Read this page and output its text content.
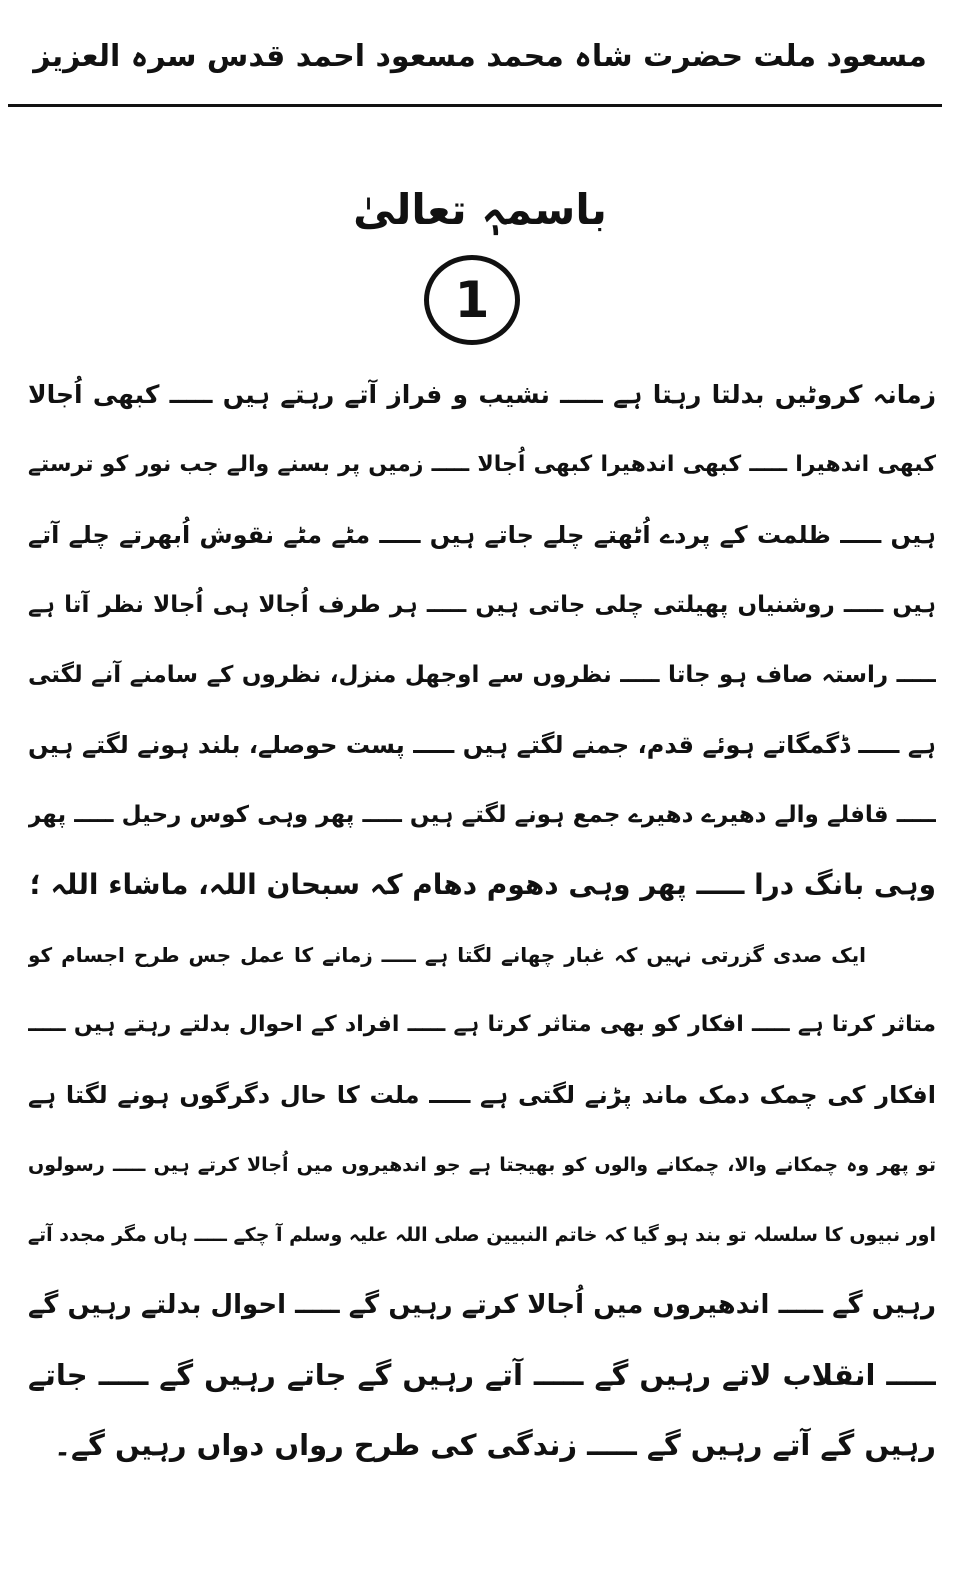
مسعود ملت حضرت شاہ محمد مسعود احمد قدس سرہ العزیز
باسمہٖ تعالیٰ
1
زمانہ کروٹیں بدلتا رہتا ہے ـــــ نشیب و فراز آتے رہتے ہیں ـــــ کبھی اُجالا
کبھی اندھیرا ـــــ کبھی اندھیرا کبھی اُجالا ـــــ زمیں پر بسنے والے جب نور کو ترستے
ہیں ـــــ ظلمت کے پردے اُٹھتے چلے جاتے ہیں ـــــ مٹے مٹے نقوش اُبھرتے چلے آتے
ہیں ـــــ روشنیاں پھیلتی چلی جاتی ہیں ـــــ ہر طرف اُجالا ہی اُجالا نظر آتا ہے
ـــــ راستہ صاف ہو جاتا ـــــ نظروں سے اوجھل منزل، نظروں کے سامنے آنے لگتی
ہے ـــــ ڈگمگاتے ہوئے قدم، جمنے لگتے ہیں ـــــ پست حوصلے، بلند ہونے لگتے ہیں
ـــــ قافلے والے دھیرے دھیرے جمع ہونے لگتے ہیں ـــــ پھر وہی کوس رحیل ـــــ پھر
وہی بانگ درا ـــــ پھر وہی دھوم دھام کہ سبحان اللہ، ماشاء اللہ ؛
ایک صدی گزرتی نہیں کہ غبار چھانے لگتا ہے ـــــ زمانے کا عمل جس طرح اجسام کو
متاثر کرتا ہے ـــــ افکار کو بھی متاثر کرتا ہے ـــــ افراد کے احوال بدلتے رہتے ہیں ـــــ
افکار کی چمک دمک ماند پڑنے لگتی ہے ـــــ ملت کا حال دگرگوں ہونے لگتا ہے
تو پھر وہ چمکانے والا، چمکانے والوں کو بھیجتا ہے جو اندھیروں میں اُجالا کرتے ہیں ـــــ رسولوں
اور نبیوں کا سلسلہ تو بند ہو گیا کہ خاتم النبیین صلی اللہ علیہ وسلم آ چکے ـــــ ہاں مگر مجدد آتے
رہیں گے ـــــ اندھیروں میں اُجالا کرتے رہیں گے ـــــ احوال بدلتے رہیں گے
ـــــ انقلاب لاتے رہیں گے ـــــ آتے رہیں گے جاتے رہیں گے ـــــ جاتے
رہیں گے آتے رہیں گے ـــــ زندگی کی طرح رواں دواں رہیں گے۔
